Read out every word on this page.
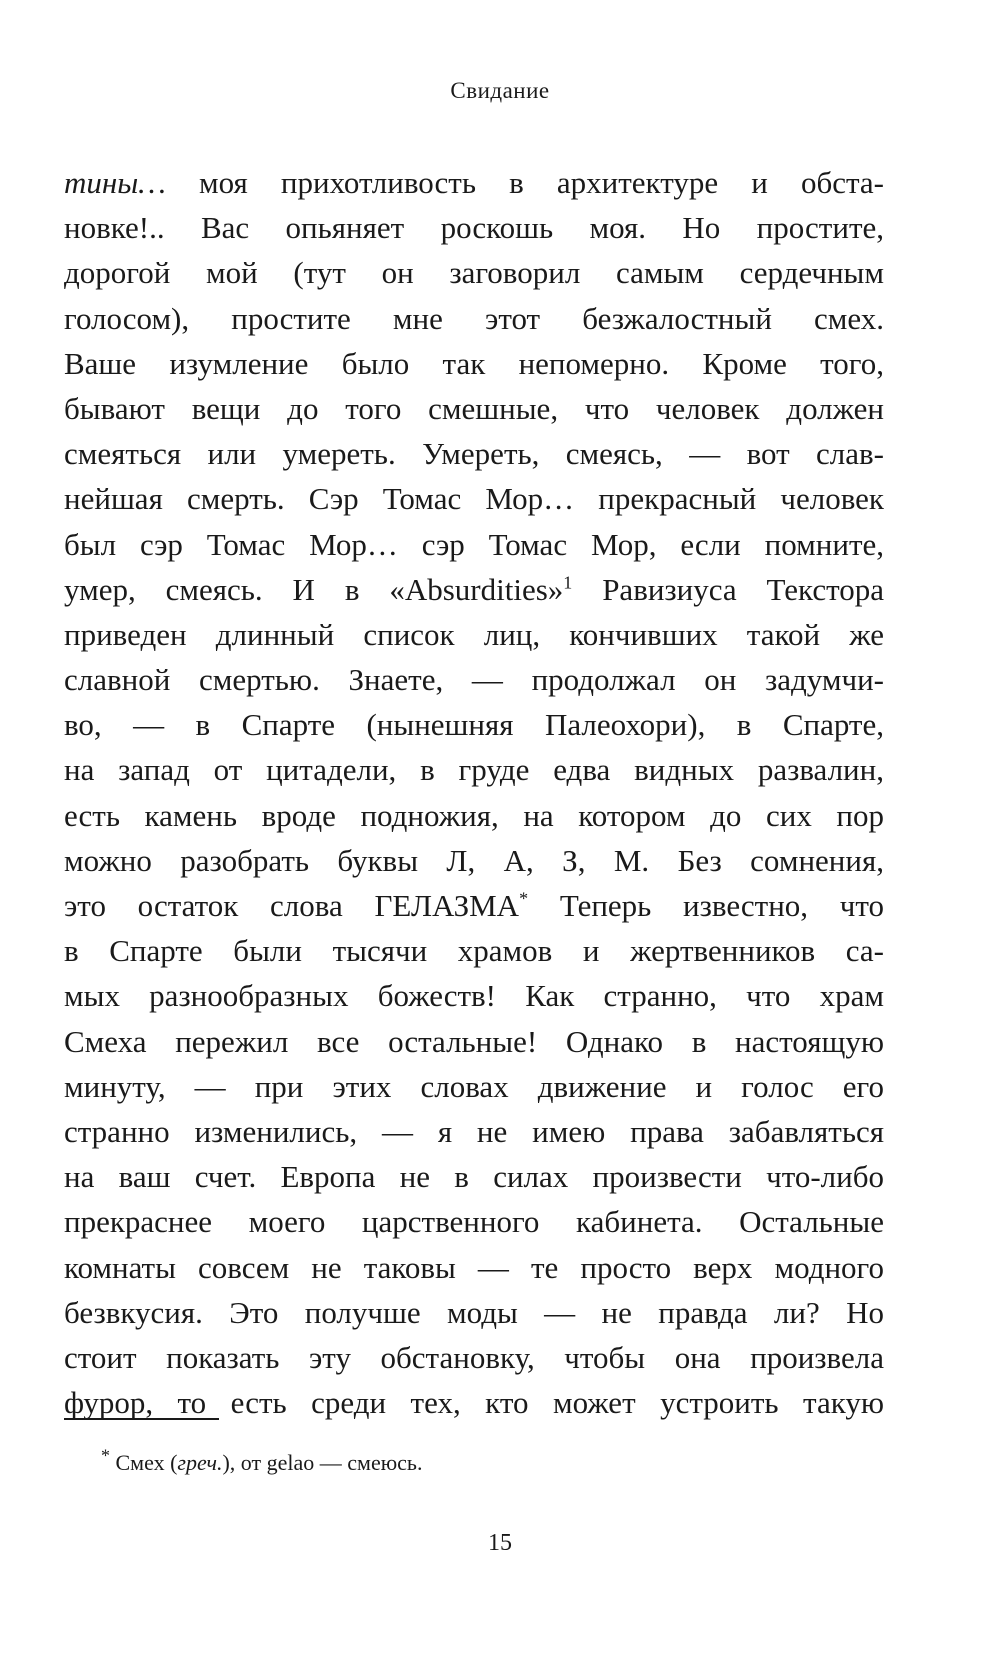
Свидание
тины… моя прихотливость в архитектуре и обста-
новке!.. Вас опьяняет роскошь моя. Но простите,
дорогой мой (тут он заговорил самым сердечным
голосом), простите мне этот безжалостный смех.
Ваше изумление было так непомерно. Кроме того,
бывают вещи до того смешные, что человек должен
смеяться или умереть. Умереть, смеясь, — вот слав-
нейшая смерть. Сэр Томас Мор… прекрасный человек
был сэр Томас Мор… сэр Томас Мор, если помните,
умер, смеясь. И в «Absurdities»$^1$ Равизиуса Текстора
приведен длинный список лиц, кончивших такой же
славной смертью. Знаете, — продолжал он задумчи-
во, — в Спарте (нынешняя Палеохори), в Спарте,
на запад от цитадели, в груде едва видных развалин,
есть камень вроде подножия, на котором до сих пор
можно разобрать буквы Л, А, З, М. Без сомнения,
это остаток слова ГЕЛАЗМА* Теперь известно, что
в Спарте были тысячи храмов и жертвенников са-
мых разнообразных божеств! Как странно, что храм
Смеха пережил все остальные! Однако в настоящую
минуту, — при этих словах движение и голос его
странно изменились, — я не имею права забавляться
на ваш счет. Европа не в силах произвести что-либо
прекраснее моего царственного кабинета. Остальные
комнаты совсем не таковы — те просто верх модного
безвкусия. Это получше моды — не правда ли? Но
стоит показать эту обстановку, чтобы она произвела
фурор, то есть среди тех, кто может устроить такую
* Смех (греч.), от gelao — смеюсь.
15
